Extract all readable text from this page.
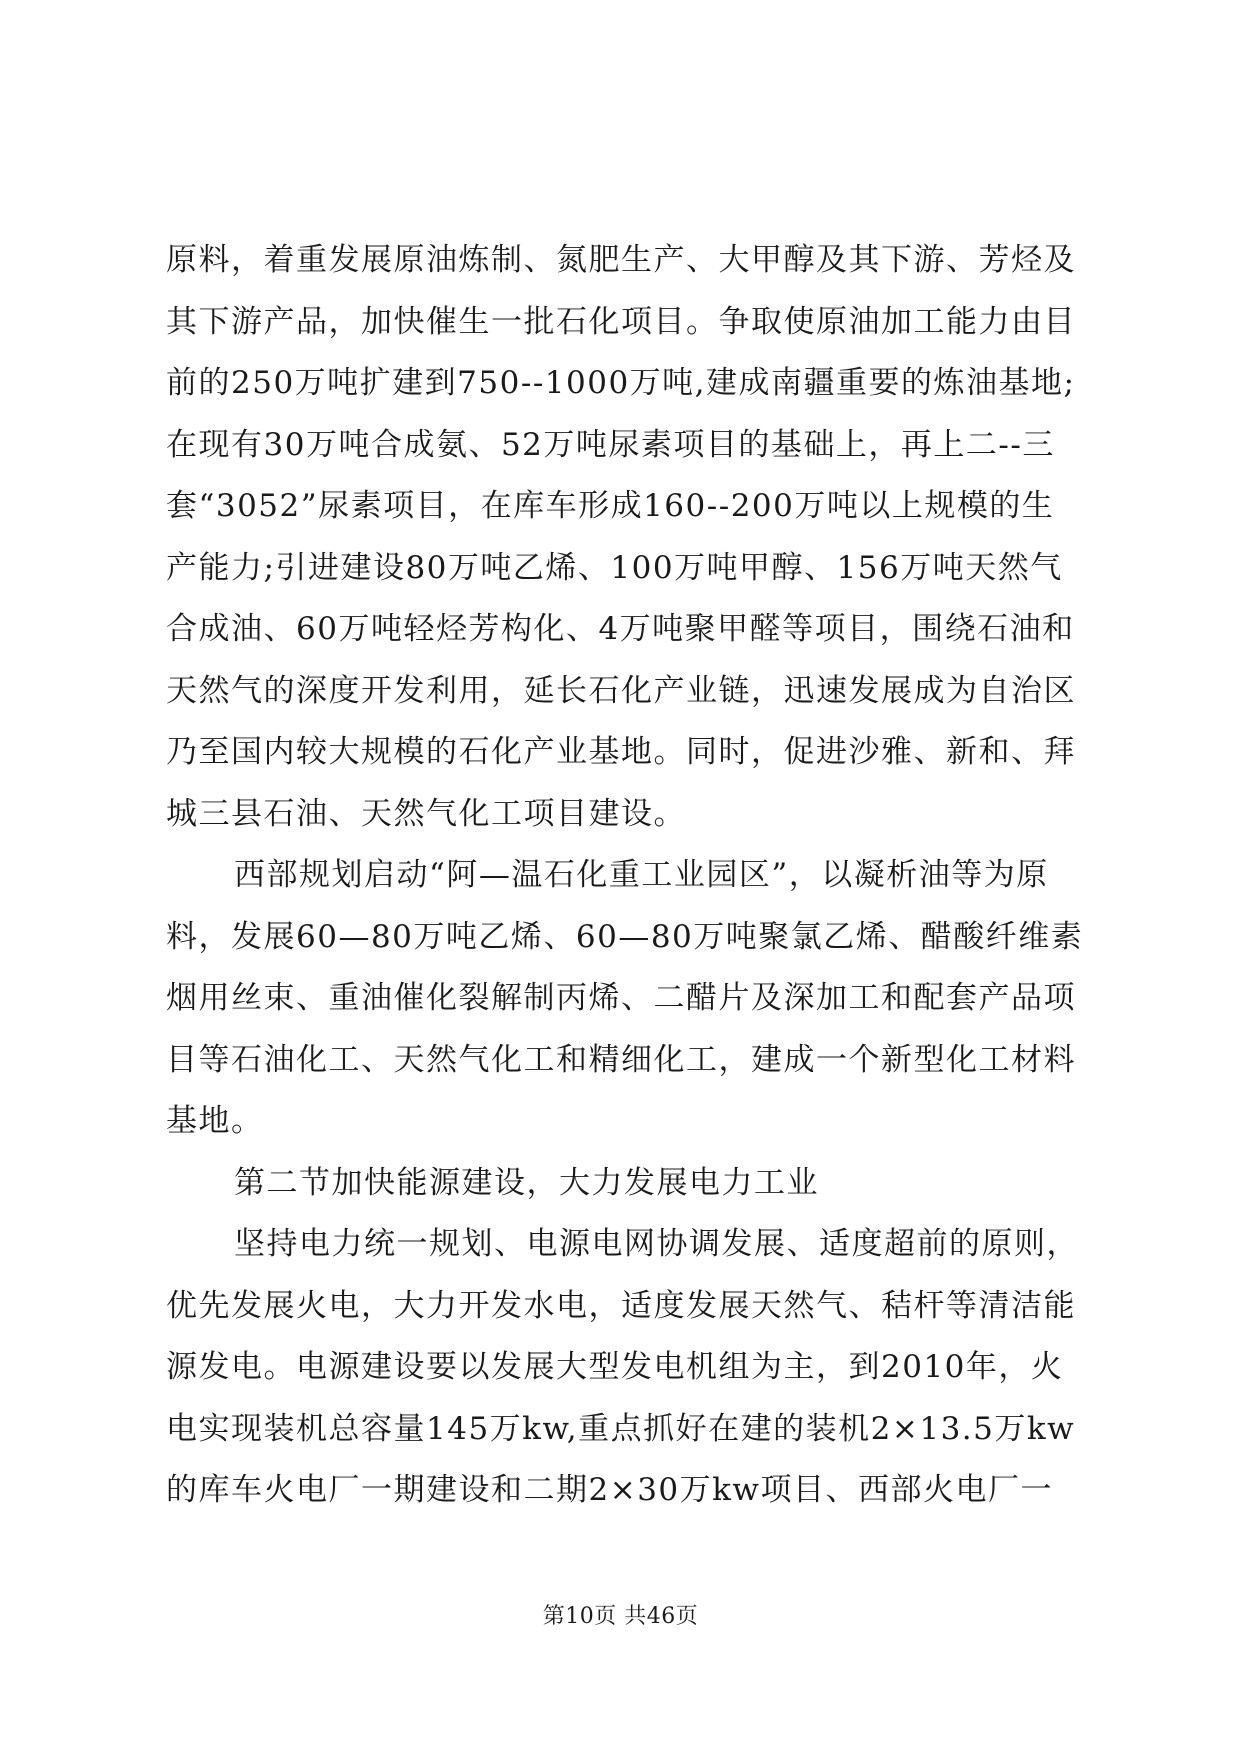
原料，着重发展原油炼制、氮肥生产、大甲醇及其下游、芳烃及
其下游产品，加快催生一批石化项目。争取使原油加工能力由目
前的250万吨扩建到750--1000万吨,建成南疆重要的炼油基地;
在现有30万吨合成氨、52万吨尿素项目的基础上，再上二--三
套“3052”尿素项目，在库车形成160--200万吨以上规模的生
产能力;引进建设80万吨乙烯、100万吨甲醇、156万吨天然气
合成油、60万吨轻烃芳构化、4万吨聚甲醛等项目，围绕石油和
天然气的深度开发利用，延长石化产业链，迅速发展成为自治区
乃至国内较大规模的石化产业基地。同时，促进沙雅、新和、拜
城三县石油、天然气化工项目建设。
西部规划启动“阿—温石化重工业园区”，以凝析油等为原
料，发展60—80万吨乙烯、60—80万吨聚氯乙烯、醋酸纤维素
烟用丝束、重油催化裂解制丙烯、二醋片及深加工和配套产品项
目等石油化工、天然气化工和精细化工，建成一个新型化工材料
基地。
第二节加快能源建设，大力发展电力工业
坚持电力统一规划、电源电网协调发展、适度超前的原则，
优先发展火电，大力开发水电，适度发展天然气、秸杆等清洁能
源发电。电源建设要以发展大型发电机组为主，到2010年，火
电实现装机总容量145万kw,重点抓好在建的装机2×13.5万kw
的库车火电厂一期建设和二期2×30万kw项目、西部火电厂一
第10页 共46页
